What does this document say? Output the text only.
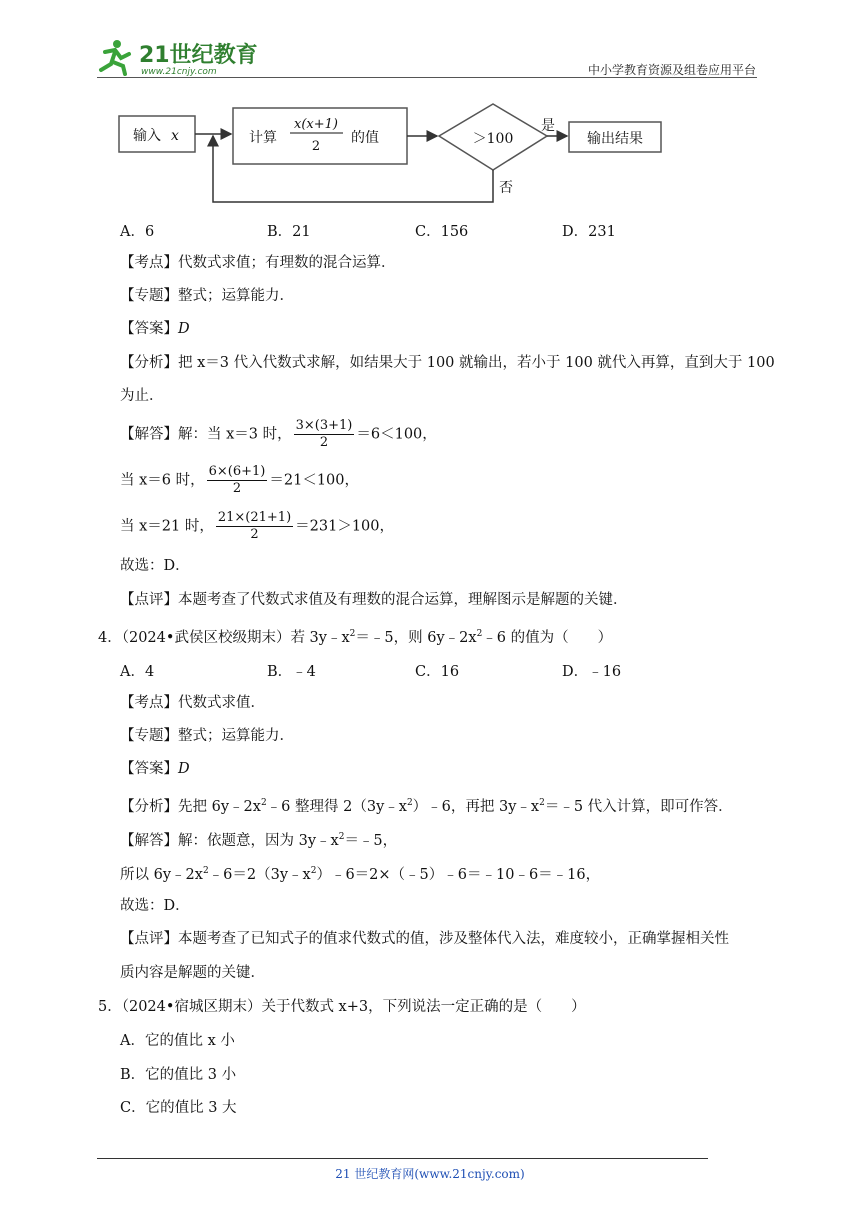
21世纪教育
www.21cnjy.com	中小学教育资源及组卷应用平台
输入 x	计算
x(x+1)
2
的值	＞100
是
输出结果
否
A．6	B．21	C．156	D．231
【考点】代数式求值；有理数的混合运算．
【专题】整式；运算能力．
【答案】D
【分析】把 x＝3 代入代数式求解，如结果大于 100 就输出，若小于 100 就代入再算，直到大于 100
为止．
【解答】解：当 x＝3 时， $\frac{3\times(3+1)}{2} =6<100$，
当 x＝6 时， $\frac{6\times(6+1)}{2} =21<100$，
当 x＝21 时， $\frac{21\times(21+1)}{2} =231>100$，
故选：D．
【点评】本题考查了代数式求值及有理数的混合运算，理解图示是解题的关键．
4．（2024•武侯区校级期末）若 $3y﹣x^2=﹣5$，则 $6y﹣2x^2﹣6$ 的值为（　　）
A．4	B．﹣4	C．16	D．﹣16
【考点】代数式求值．
【专题】整式；运算能力．
【答案】D
【分析】先把 $6y﹣2x^2﹣6$ 整理得 $2(3y﹣x^2)﹣6$，再把 $3y﹣x^2=﹣5$ 代入计算，即可作答．
【解答】解：依题意，因为 $3y﹣x^2=﹣5$，
所以 $6y﹣2x^2﹣6=2(3y﹣x^2)﹣6=2\times(﹣5)﹣6=﹣10﹣6=﹣16$，
故选：D．
【点评】本题考查了已知式子的值求代数式的值，涉及整体代入法，难度较小，正确掌握相关性
质内容是解题的关键．
5．（2024•宿城区期末）关于代数式 x+3，下列说法一定正确的是（　　）
A．它的值比 x 小
B．它的值比 3 小
C．它的值比 3 大
21 世纪教育网(www.21cnjy.com)
